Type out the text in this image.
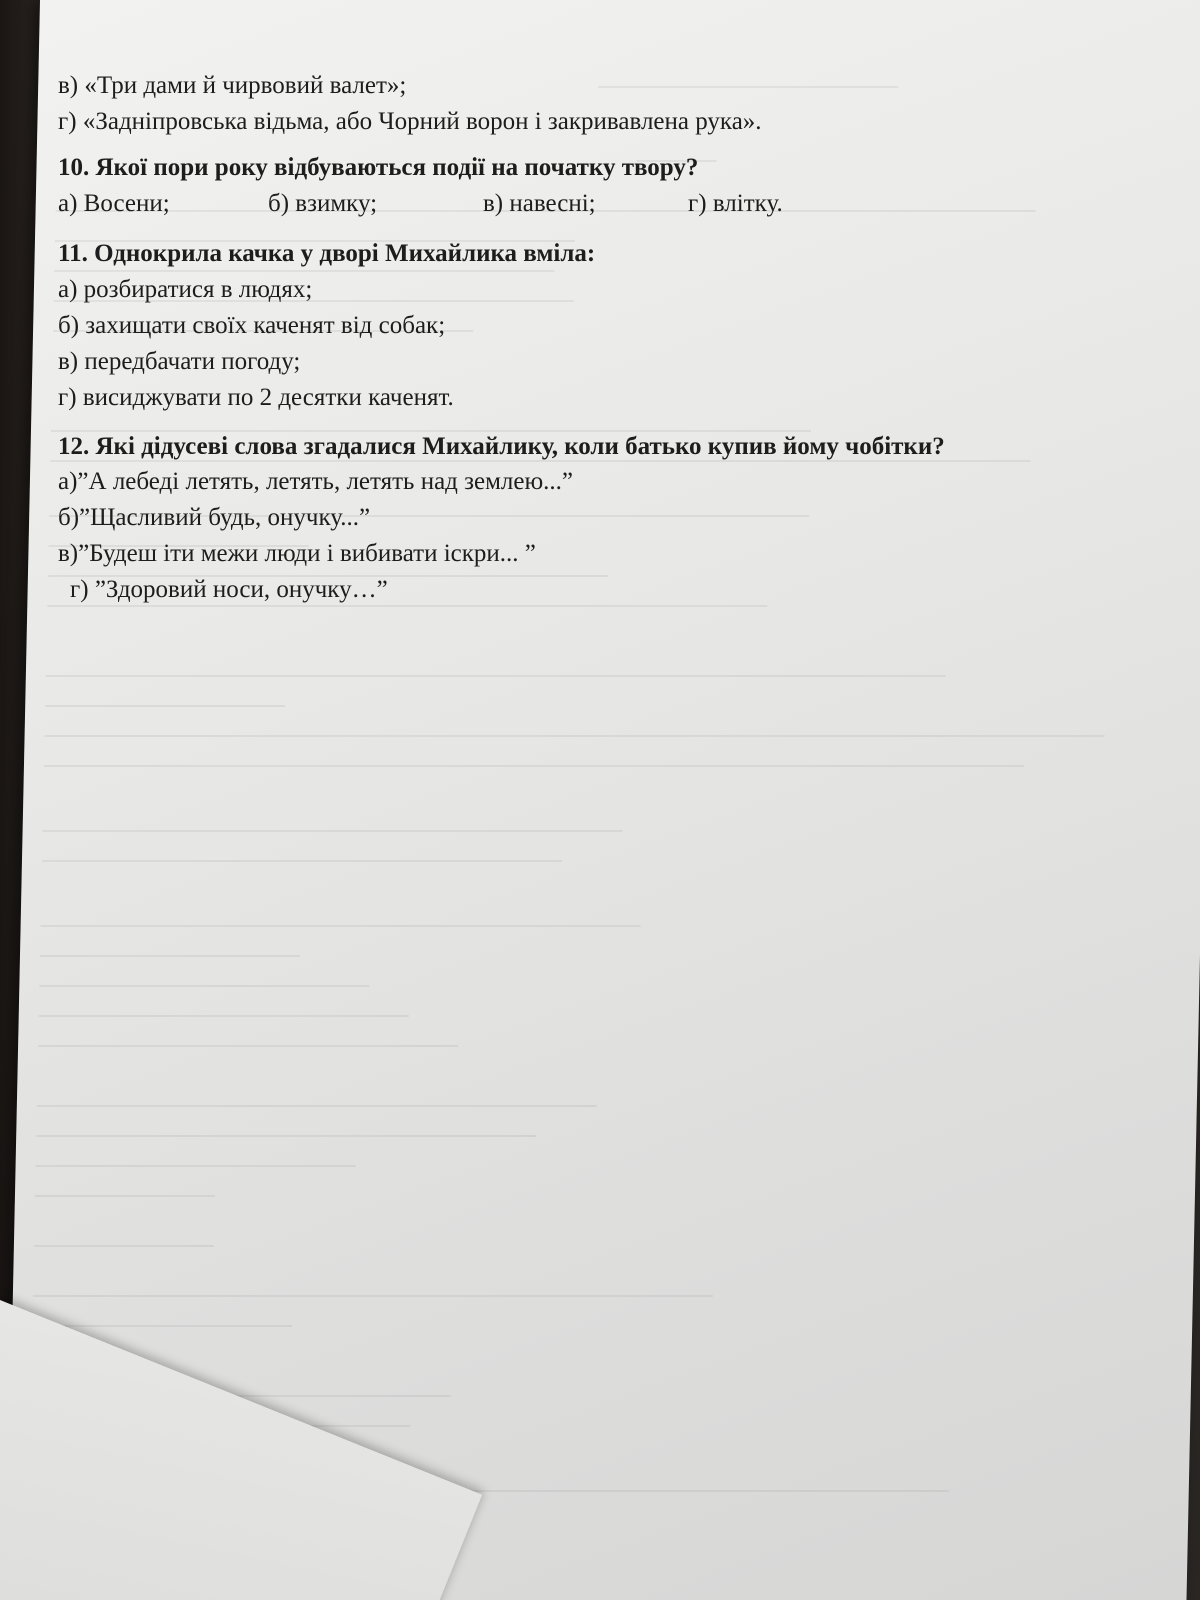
в) «Три дами й чирвовий валет»;
г) «Задніпровська відьма, або Чорний ворон і закривавлена рука».
10. Якої пори року відбуваються події на початку твору?
а) Восени;	б) взимку;	в) навесні;	г) влітку.
11. Однокрила качка у дворі Михайлика вміла:
а) розбиратися в людях;
б) захищати своїх каченят від собак;
в) передбачати погоду;
г) висиджувати по 2 десятки каченят.
12. Які дідусеві слова згадалися Михайлику, коли батько купив йому чобітки?
а)”А лебеді летять, летять, летять над землею...”
б)”Щасливий будь, онучку...”
в)”Будеш іти межи люди і вибивати іскри... ”
г) ”Здоровий носи, онучку…”
